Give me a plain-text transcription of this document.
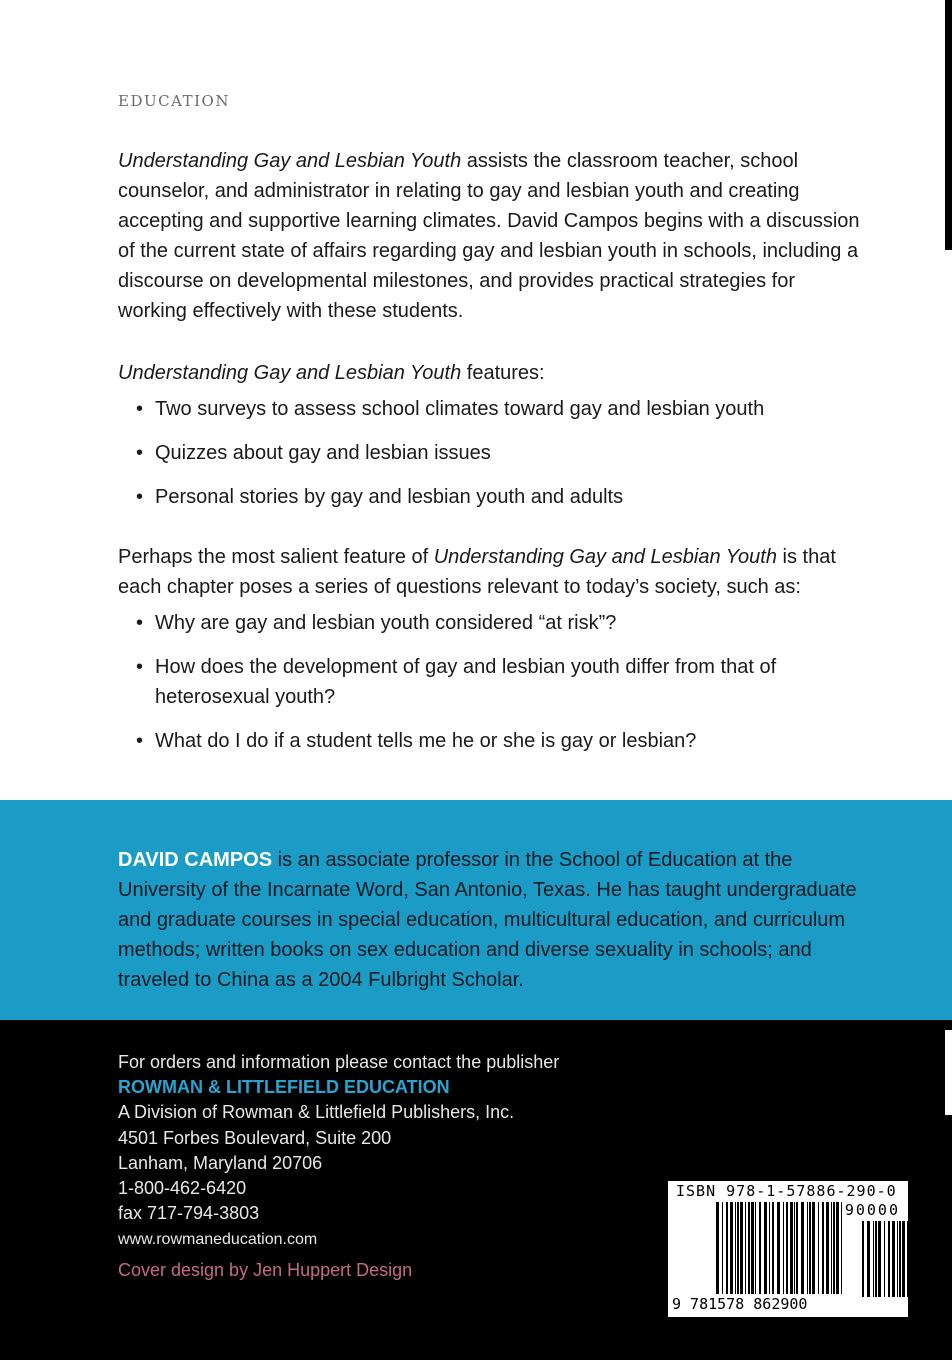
EDUCATION

Understanding Gay and Lesbian Youth assists the classroom teacher, school counselor, and administrator in relating to gay and lesbian youth and creating accepting and supportive learning climates. David Campos begins with a discussion of the current state of affairs regarding gay and lesbian youth in schools, including a discourse on developmental milestones, and provides practical strategies for working effectively with these students.

Understanding Gay and Lesbian Youth features:

• Two surveys to assess school climates toward gay and lesbian youth
• Quizzes about gay and lesbian issues
• Personal stories by gay and lesbian youth and adults

Perhaps the most salient feature of Understanding Gay and Lesbian Youth is that each chapter poses a series of questions relevant to today’s society, such as:

• Why are gay and lesbian youth considered “at risk”?
• How does the development of gay and lesbian youth differ from that of heterosexual youth?
• What do I do if a student tells me he or she is gay or lesbian?

DAVID CAMPOS is an associate professor in the School of Education at the University of the Incarnate Word, San Antonio, Texas. He has taught undergraduate and graduate courses in special education, multicultural education, and curriculum methods; written books on sex education and diverse sexuality in schools; and traveled to China as a 2004 Fulbright Scholar.

For orders and information please contact the publisher
ROWMAN & LITTLEFIELD EDUCATION
A Division of Rowman & Littlefield Publishers, Inc.
4501 Forbes Boulevard, Suite 200
Lanham, Maryland 20706
1-800-462-6420
fax 717-794-3803
www.rowmaneducation.com
Cover design by Jen Huppert Design
ISBN 978-1-57886-290-0
90000
9 781578 862900
